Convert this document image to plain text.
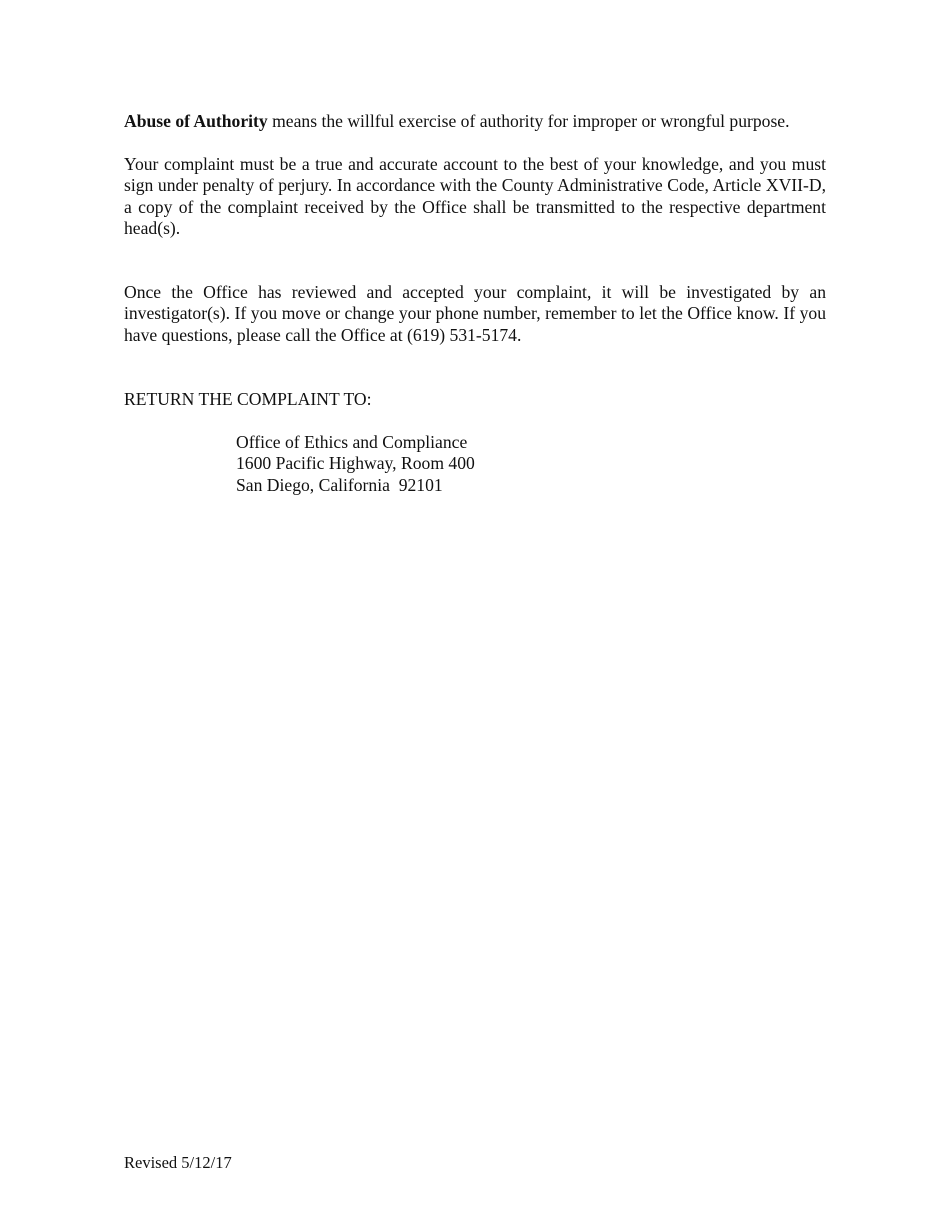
Abuse of Authority means the willful exercise of authority for improper or wrongful purpose.

Your complaint must be a true and accurate account to the best of your knowledge, and you must sign under penalty of perjury. In accordance with the County Administrative Code, Article XVII-D, a copy of the complaint received by the Office shall be transmitted to the respective department head(s).

Once the Office has reviewed and accepted your complaint, it will be investigated by an investigator(s). If you move or change your phone number, remember to let the Office know. If you have questions, please call the Office at (619) 531-5174.

RETURN THE COMPLAINT TO:

Office of Ethics and Compliance
1600 Pacific Highway, Room 400
San Diego, California  92101
Revised 5/12/17
